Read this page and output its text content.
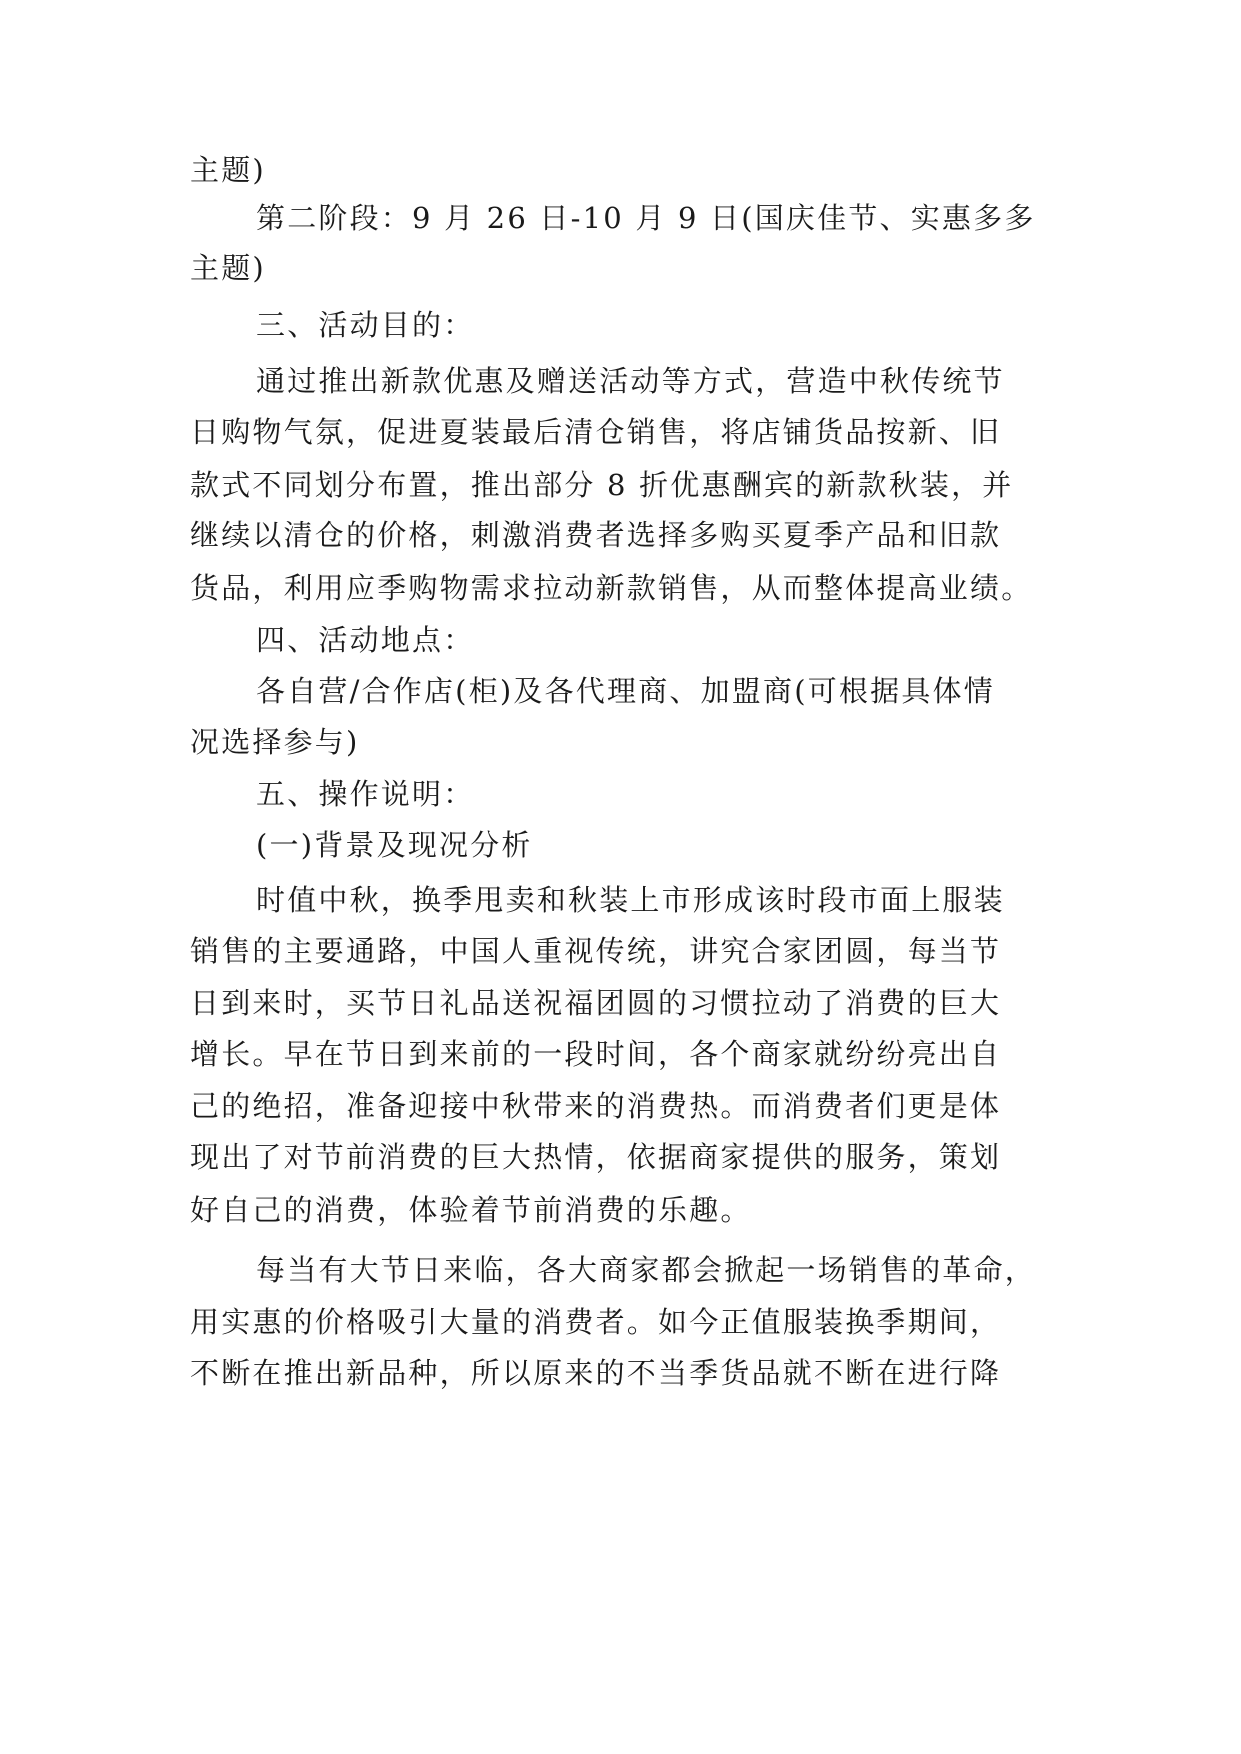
主题)
第二阶段：9 月 26 日-10 月 9 日(国庆佳节、实惠多多
主题)
三、活动目的：
通过推出新款优惠及赠送活动等方式，营造中秋传统节
日购物气氛，促进夏装最后清仓销售，将店铺货品按新、旧
款式不同划分布置，推出部分 8 折优惠酬宾的新款秋装，并
继续以清仓的价格，刺激消费者选择多购买夏季产品和旧款
货品，利用应季购物需求拉动新款销售，从而整体提高业绩。
四、活动地点：
各自营/合作店(柜)及各代理商、加盟商(可根据具体情
况选择参与)
五、操作说明：
(一)背景及现况分析
时值中秋，换季甩卖和秋装上市形成该时段市面上服装
销售的主要通路，中国人重视传统，讲究合家团圆，每当节
日到来时，买节日礼品送祝福团圆的习惯拉动了消费的巨大
增长。早在节日到来前的一段时间，各个商家就纷纷亮出自
己的绝招，准备迎接中秋带来的消费热。而消费者们更是体
现出了对节前消费的巨大热情，依据商家提供的服务，策划
好自己的消费，体验着节前消费的乐趣。
每当有大节日来临，各大商家都会掀起一场销售的革命，
用实惠的价格吸引大量的消费者。如今正值服装换季期间，
不断在推出新品种，所以原来的不当季货品就不断在进行降
